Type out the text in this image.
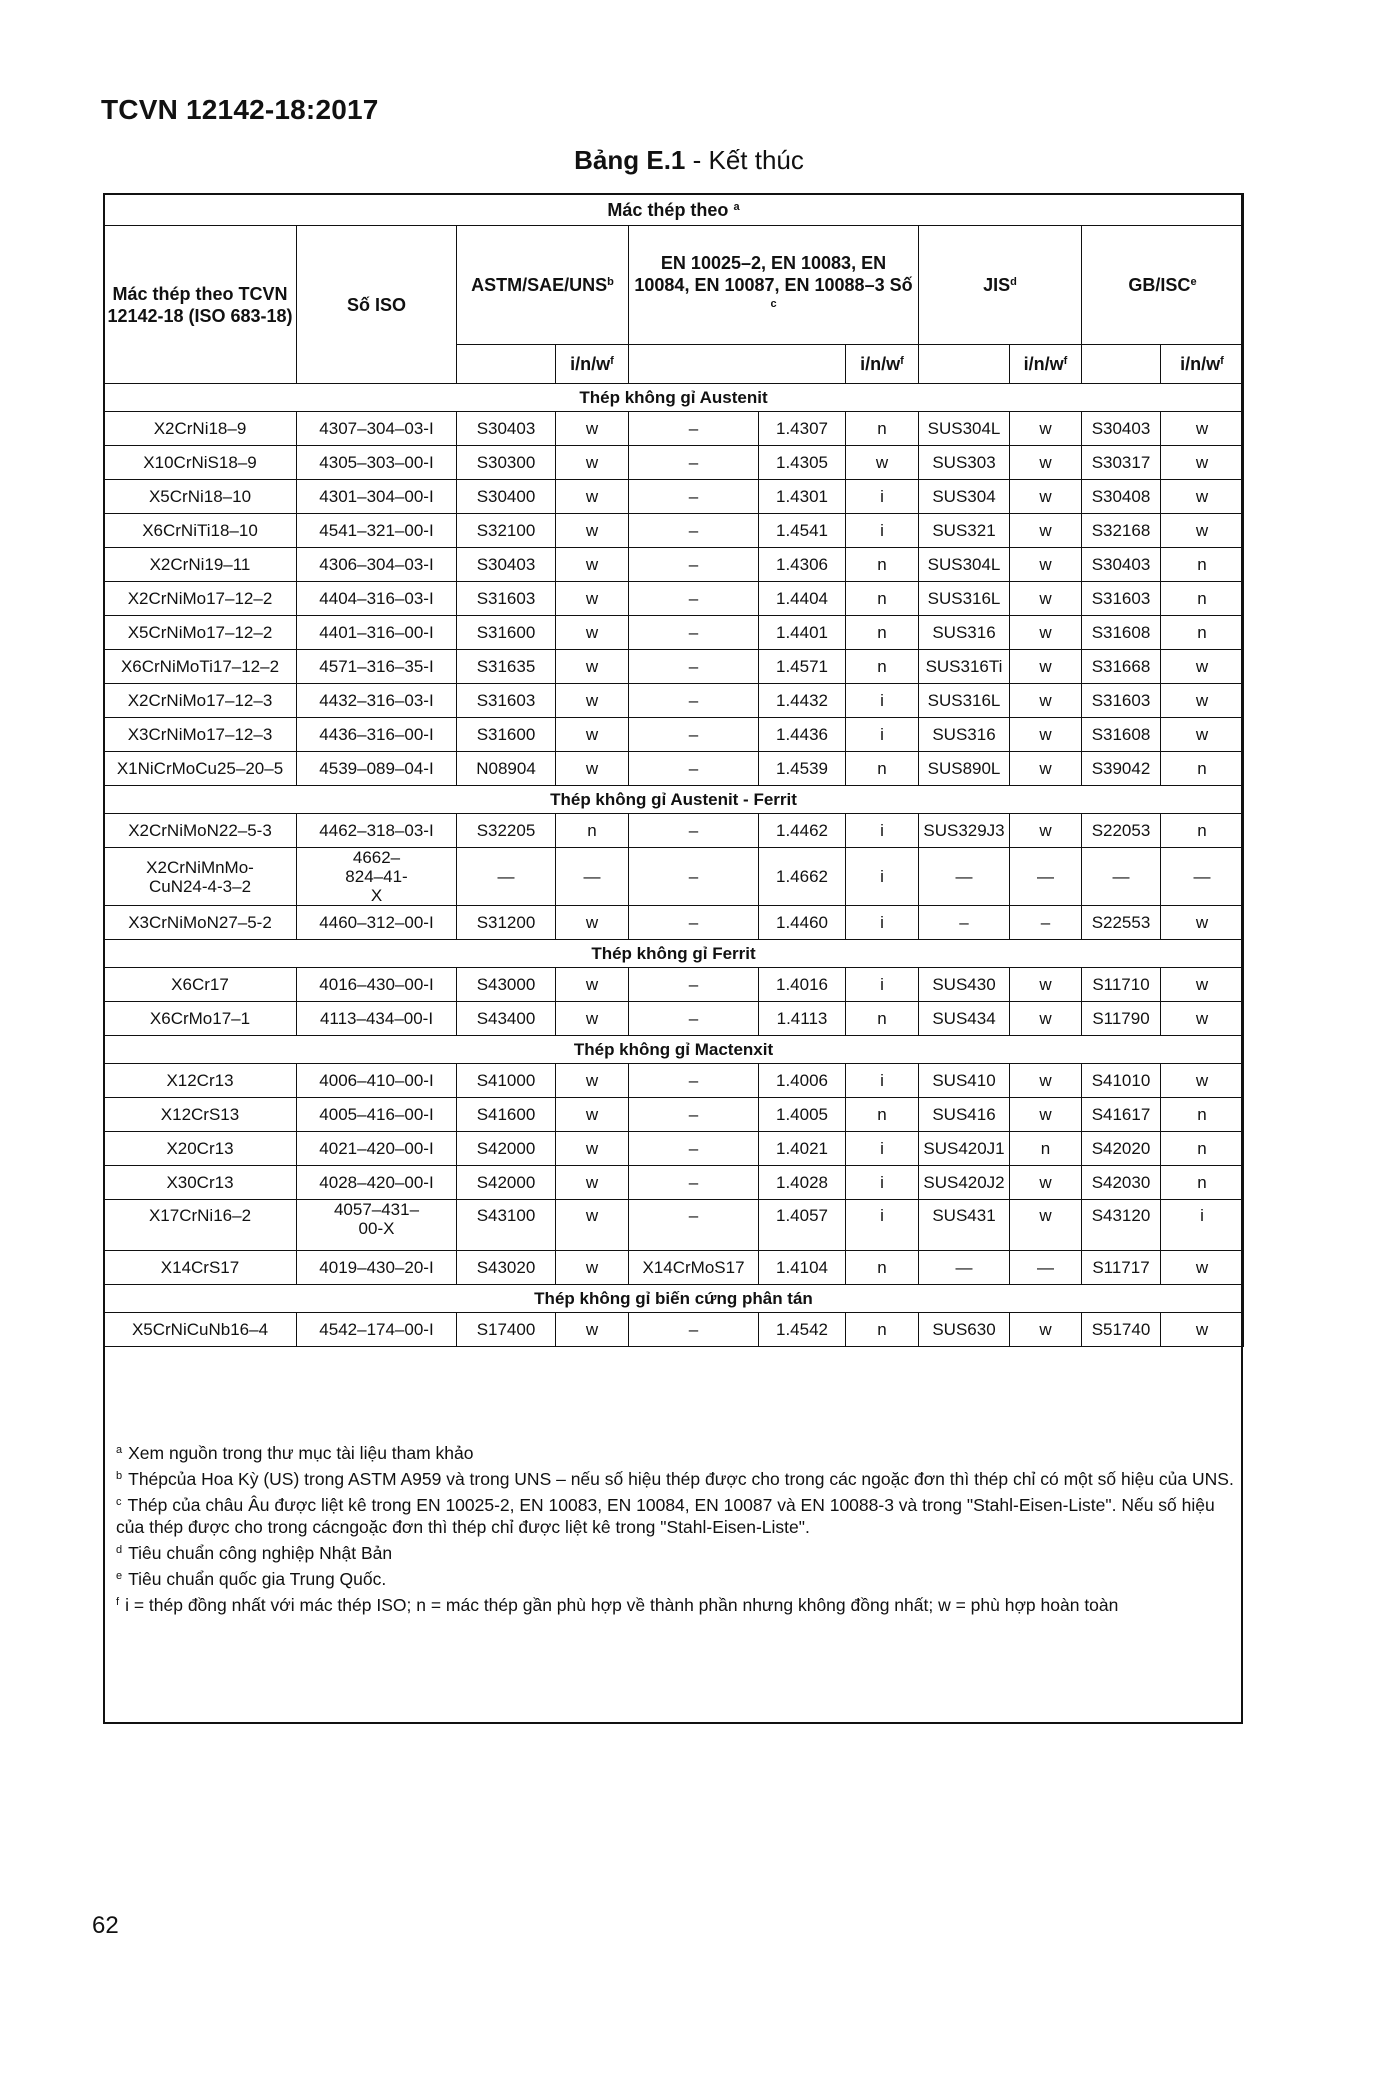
TCVN 12142-18:2017
Bảng E.1 - Kết thúc
Mác thép theo $^a$
Mác thép theo TCVN 12142-18 (ISO 683-18)	Số ISO	ASTM/SAE/UNS$^b$		EN 10025–2, EN 10083, EN 10084, EN 10087, EN 10088–3 Số $^c$			JIS$^d$		GB/ISC$^e$
			$i/n/w^f$			$i/n/w^f$		$i/n/w^f$		$i/n/w^f$
Thép không gỉ Austenit										
X2CrNi18–9	4307–304–03-I	S30403	w	–	1.4307	n	SUS304L	w	S30403	w
X10CrNiS18–9	4305–303–00-I	S30300	w	–	1.4305	w	SUS303	w	S30317	w
X5CrNi18–10	4301–304–00-I	S30400	w	–	1.4301	i	SUS304	w	S30408	w
X6CrNiTi18–10	4541–321–00-I	S32100	w	–	1.4541	i	SUS321	w	S32168	w
X2CrNi19–11	4306–304–03-I	S30403	w	–	1.4306	n	SUS304L	w	S30403	n
X2CrNiMo17–12–2	4404–316–03-I	S31603	w	–	1.4404	n	SUS316L	w	S31603	n
X5CrNiMo17–12–2	4401–316–00-I	S31600	w	–	1.4401	n	SUS316	w	S31608	n
X6CrNiMoTi17–12–2	4571–316–35-I	S31635	w	–	1.4571	n	SUS316Ti	w	S31668	w
X2CrNiMo17–12–3	4432–316–03-I	S31603	w	–	1.4432	i	SUS316L	w	S31603	w
X3CrNiMo17–12–3	4436–316–00-I	S31600	w	–	1.4436	i	SUS316	w	S31608	w
X1NiCrMoCu25–20–5	4539–089–04-I	N08904	w	–	1.4539	n	SUS890L	w	S39042	n
Thép không gỉ Austenit - Ferrit										
X2CrNiMoN22–5-3	4462–318–03-I	S32205	n	–	1.4462	i	SUS329J3	w	S22053	n
X2CrNiMnMo-CuN24-4-3–2	4662–824–41-X	—	—	–	1.4662	i	—	—	—	—
X3CrNiMoN27–5-2	4460–312–00-I	S31200	w	–	1.4460	i	–	–	S22553	w
Thép không gỉ Ferrit										
X6Cr17	4016–430–00-I	S43000	w	–	1.4016	i	SUS430	w	S11710	w
X6CrMo17–1	4113–434–00-I	S43400	w	–	1.4113	n	SUS434	w	S11790	w
Thép không gỉ Mactenxit										
X12Cr13	4006–410–00-I	S41000	w	–	1.4006	i	SUS410	w	S41010	w
X12CrS13	4005–416–00-I	S41600	w	–	1.4005	n	SUS416	w	S41617	n
X20Cr13	4021–420–00-I	S42000	w	–	1.4021	i	SUS420J1	n	S42020	n
X30Cr13	4028–420–00-I	S42000	w	–	1.4028	i	SUS420J2	w	S42030	n
X17CrNi16–2	4057–431–00-X	S43100	w	–	1.4057	i	SUS431	w	S43120	i
X14CrS17	4019–430–20-I	S43020	w	X14CrMoS17	1.4104	n	—	—	S11717	w
Thép không gỉ biến cứng phân tán										
X5CrNiCuNb16–4	4542–174–00-I	S17400	w	–	1.4542	n	SUS630	w	S51740	w
$^a$ Xem nguồn trong thư mục tài liệu tham khảo
$^b$ Thépcủa Hoa Kỳ (US) trong ASTM A959 và trong UNS – nếu số hiệu thép được cho trong các ngoặc đơn thì thép chỉ có một số hiệu của UNS.
$^c$ Thép của châu Âu được liệt kê trong EN 10025-2, EN 10083, EN 10084, EN 10087 và EN 10088-3 và trong "Stahl-Eisen-Liste". Nếu số hiệu của thép được cho trong cácngoặc đơn thì thép chỉ được liệt kê trong "Stahl-Eisen-Liste".
$^d$ Tiêu chuẩn công nghiệp Nhật Bản
$^e$ Tiêu chuẩn quốc gia Trung Quốc.
$^f$ i = thép đồng nhất với mác thép ISO; n = mác thép gần phù hợp về thành phần nhưng không đồng nhất; w = phù hợp hoàn toàn
62
